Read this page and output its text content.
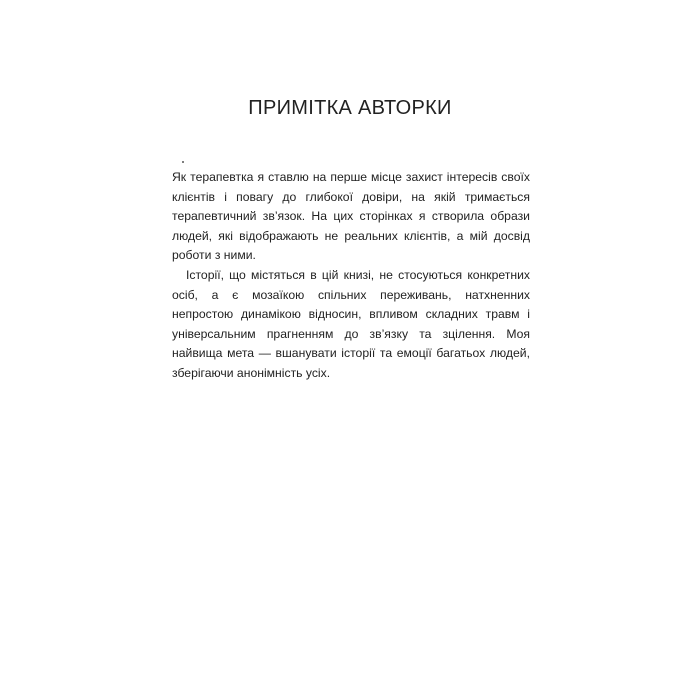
ПРИМІТКА АВТОРКИ

Як терапевтка я ставлю на перше місце захист інтересів своїх клієнтів і повагу до глибокої довіри, на якій тримається терапевтичний зв’язок. На цих сторінках я створила образи людей, які відображають не реальних клієнтів, а мій досвід роботи з ними.

Історії, що містяться в цій книзі, не стосуються конкретних осіб, а є мозаїкою спільних переживань, натхненних непростою динамікою відносин, впливом складних травм і універсальним прагненням до зв’язку та зцілення. Моя найвища мета — вшанувати історії та емоції багатьох людей, зберігаючи анонімність усіх.
